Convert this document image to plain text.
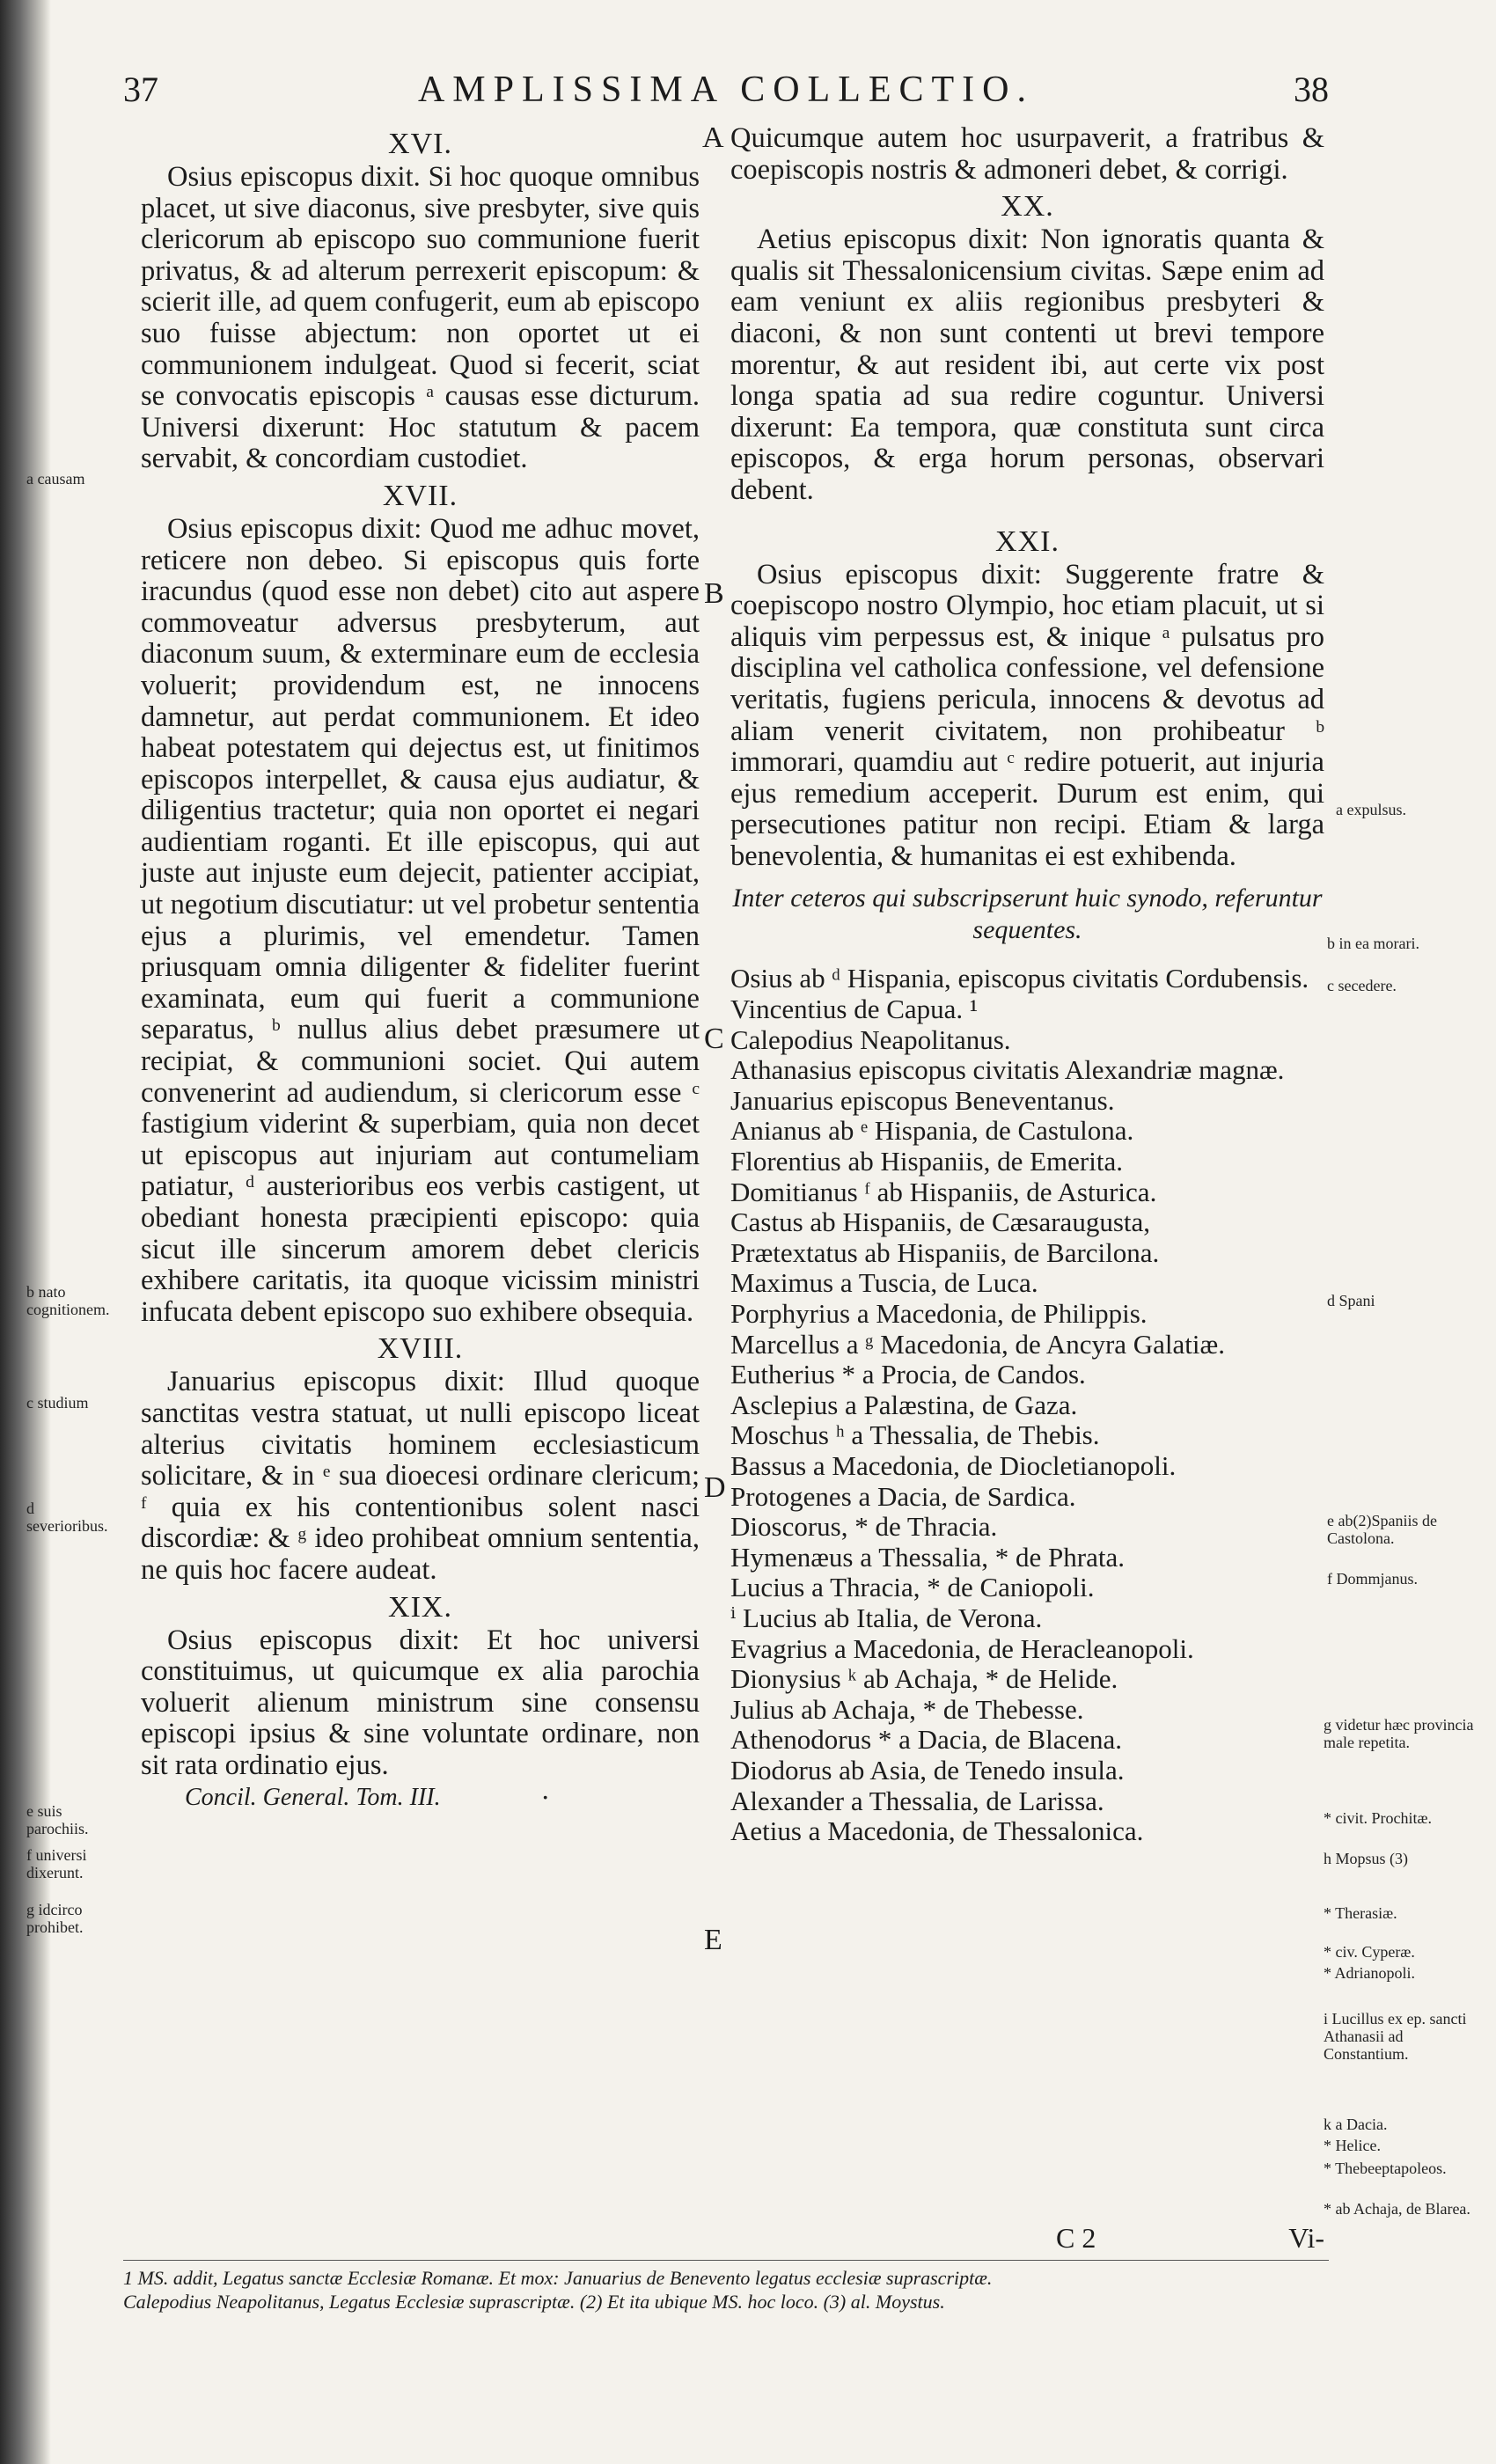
37	AMPLISSIMA COLLECTIO.	38
XVI.
Osius episcopus dixit. Si hoc quoque omnibus placet, ut sive diaconus, sive presbyter, sive quis clericorum ab episcopo suo communione fuerit privatus, & ad alterum perrexerit episcopum: & scierit ille, ad quem confugerit, eum ab episcopo suo fuisse abjectum: non oportet ut ei communionem indulgeat. Quod si fecerit, sciat se convocatis episcopis ᵃ causas esse dicturum. Universi dixerunt: Hoc statutum & pacem servabit, & concordiam custodiet.
XVII.
Osius episcopus dixit: Quod me adhuc movet, reticere non debeo. Si episcopus quis forte iracundus (quod esse non debet) cito aut aspere commoveatur adversus presbyterum, aut diaconum suum, & exterminare eum de ecclesia voluerit; providendum est, ne innocens damnetur, aut perdat communionem. Et ideo habeat potestatem qui dejectus est, ut finitimos episcopos interpellet, & causa ejus audiatur, & diligentius tractetur; quia non oportet ei negari audientiam roganti. Et ille episcopus, qui aut juste aut injuste eum dejecit, patienter accipiat, ut negotium discutiatur: ut vel probetur sententia ejus a plurimis, vel emendetur. Tamen priusquam omnia diligenter & fideliter fuerint examinata, eum qui fuerit a communione separatus, ᵇ nullus alius debet præsumere ut recipiat, & communioni societ. Qui autem convenerint ad audiendum, si clericorum esse ᶜ fastigium viderint & superbiam, quia non decet ut episcopus aut injuriam aut contumeliam patiatur, ᵈ austerioribus eos verbis castigent, ut obediant honesta præcipienti episcopo: quia sicut ille sincerum amorem debet clericis exhibere caritatis, ita quoque vicissim ministri infucata debent episcopo suo exhibere obsequia.
XVIII.
Januarius episcopus dixit: Illud quoque sanctitas vestra statuat, ut nulli episcopo liceat alterius civitatis hominem ecclesiasticum solicitare, & in ᵉ sua dioecesi ordinare clericum; ᶠ quia ex his contentionibus solent nasci discordiæ: & ᵍ ideo prohibeat omnium sententia, ne quis hoc facere audeat.
XIX.
Osius episcopus dixit: Et hoc universi constituimus, ut quicumque ex alia parochia voluerit alienum ministrum sine consensu episcopi ipsius & sine voluntate ordinare, non sit rata ordinatio ejus.
Concil. General. Tom. III.	·
Quicumque autem hoc usurpaverit, a fratribus & coepiscopis nostris & admoneri debet, & corrigi.
XX.
Aetius episcopus dixit: Non ignoratis quanta & qualis sit Thessalonicensium civitas. Sæpe enim ad eam veniunt ex aliis regionibus presbyteri & diaconi, & non sunt contenti ut brevi tempore morentur, & aut resident ibi, aut certe vix post longa spatia ad sua redire coguntur. Universi dixerunt: Ea tempora, quæ constituta sunt circa episcopos, & erga horum personas, observari debent.
XXI.
Osius episcopus dixit: Suggerente fratre & coepiscopo nostro Olympio, hoc etiam placuit, ut si aliquis vim perpessus est, & inique ᵃ pulsatus pro disciplina vel catholica confessione, vel defensione veritatis, fugiens pericula, innocens & devotus ad aliam venerit civitatem, non prohibeatur ᵇ immorari, quamdiu aut ᶜ redire potuerit, aut injuria ejus remedium acceperit. Durum est enim, qui persecutiones patitur non recipi. Etiam & larga benevolentia, & humanitas ei est exhibenda.
Inter ceteros qui subscripserunt huic synodo, referuntur sequentes.
Osius ab ᵈ Hispania, episcopus civitatis Cordubensis.
Vincentius de Capua. ¹
Calepodius Neapolitanus.
Athanasius episcopus civitatis Alexandriæ magnæ.
Januarius episcopus Beneventanus.
Anianus ab ᵉ Hispania, de Castulona.
Florentius ab Hispaniis, de Emerita.
Domitianus ᶠ ab Hispaniis, de Asturica.
Castus ab Hispaniis, de Cæsaraugusta,
Prætextatus ab Hispaniis, de Barcilona.
Maximus a Tuscia, de Luca.
Porphyrius a Macedonia, de Philippis.
Marcellus a ᵍ Macedonia, de Ancyra Galatiæ.
Eutherius * a Procia, de Candos.
Asclepius a Palæstina, de Gaza.
Moschus ʰ a Thessalia, de Thebis.
Bassus a Macedonia, de Diocletianopoli.
Protogenes a Dacia, de Sardica.
Dioscorus, * de Thracia.
Hymenæus a Thessalia, * de Phrata.
Lucius a Thracia, * de Caniopoli.
ⁱ Lucius ab Italia, de Verona.
Evagrius a Macedonia, de Heracleanopoli.
Dionysius ᵏ ab Achaja, * de Helide.
Julius ab Achaja, * de Thebesse.
Athenodorus * a Dacia, de Blacena.
Diodorus ab Asia, de Tenedo insula.
Alexander a Thessalia, de Larissa.
Aetius a Macedonia, de Thessalonica.
C 2	Vi-
A
B
C
D
E
a causam
b nato cognitionem.
c studium
d severioribus.
e suis parochiis.
f universi dixerunt.
g idcirco prohibet.
a expulsus.
b in ea morari.
c secedere.
d Spani
e ab(2)Spaniis de Castolona.
f Dommjanus.
g videtur hæc provincia male repetita.
* civit. Prochitæ.
h Mopsus (3)
* Therasiæ.
* civ. Cyperæ.
* Adrianopoli.
i Lucillus ex ep. sancti Athanasii ad Constantium.
k a Dacia.
* Helice.
* Thebeeptapoleos.
* ab Achaja, de Blarea.
1 MS. addit, Legatus sanctæ Ecclesiæ Romanæ. Et mox: Januarius de Benevento legatus ecclesiæ suprascriptæ.
Calepodius Neapolitanus, Legatus Ecclesiæ suprascriptæ. (2) Et ita ubique MS. hoc loco. (3) al. Moystus.
